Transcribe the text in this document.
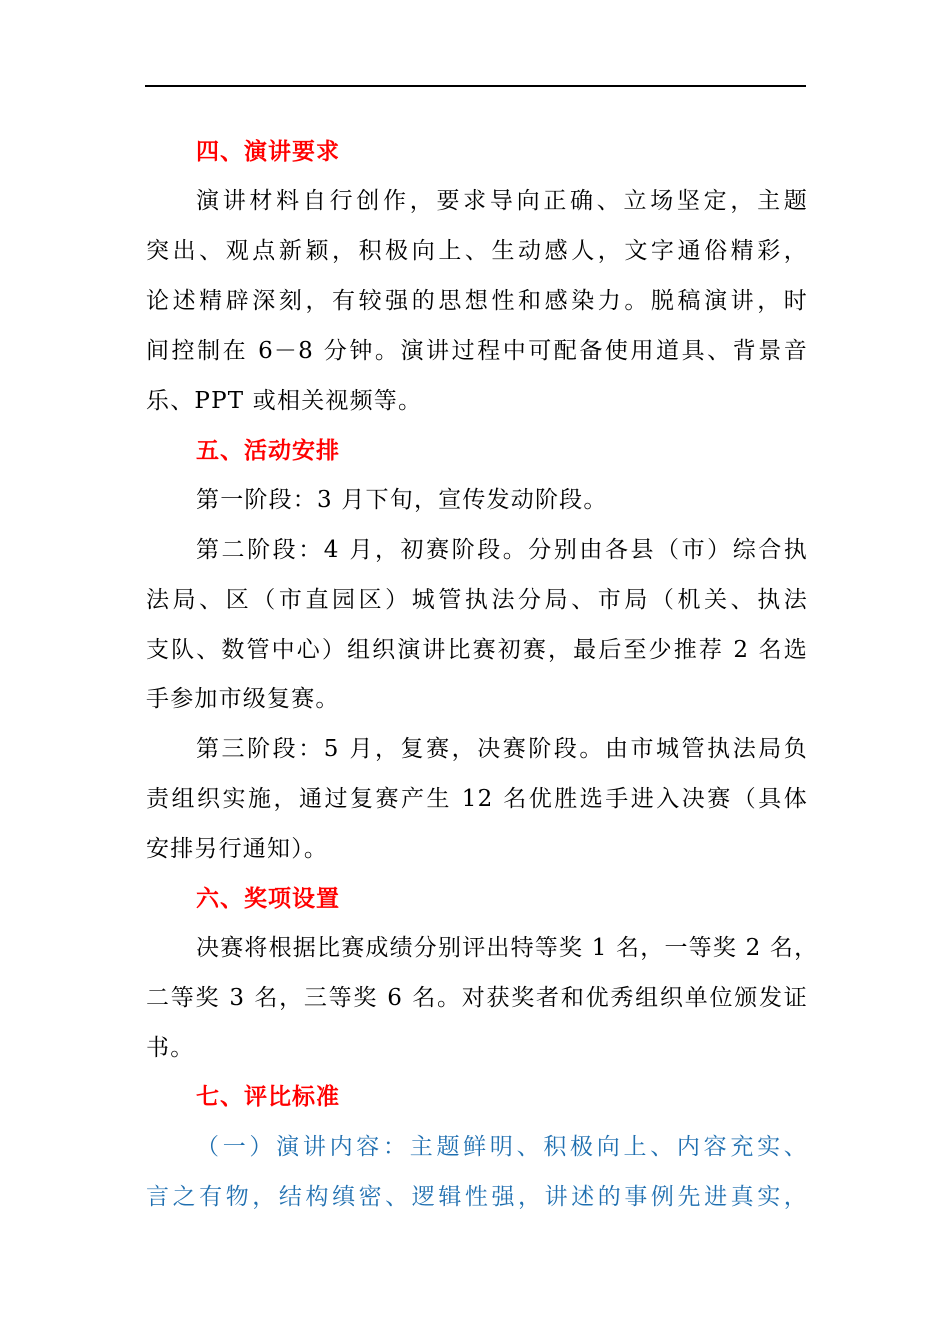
四、演讲要求
演讲材料自行创作，要求导向正确、立场坚定，主题
突出、观点新颖，积极向上、生动感人，文字通俗精彩，
论述精辟深刻，有较强的思想性和感染力。脱稿演讲，时
间控制在 6－8 分钟。演讲过程中可配备使用道具、背景音
乐、PPT 或相关视频等。
五、活动安排
第一阶段：3 月下旬，宣传发动阶段。
第二阶段：4 月，初赛阶段。分别由各县（市）综合执
法局、区（市直园区）城管执法分局、市局（机关、执法
支队、数管中心）组织演讲比赛初赛，最后至少推荐 2 名选
手参加市级复赛。
第三阶段：5 月，复赛，决赛阶段。由市城管执法局负
责组织实施，通过复赛产生 12 名优胜选手进入决赛（具体
安排另行通知）。
六、奖项设置
决赛将根据比赛成绩分别评出特等奖 1 名，一等奖 2 名，
二等奖 3 名，三等奖 6 名。对获奖者和优秀组织单位颁发证
书。
七、评比标准
（一）演讲内容：主题鲜明、积极向上、内容充实、
言之有物，结构缜密、逻辑性强，讲述的事例先进真实，
